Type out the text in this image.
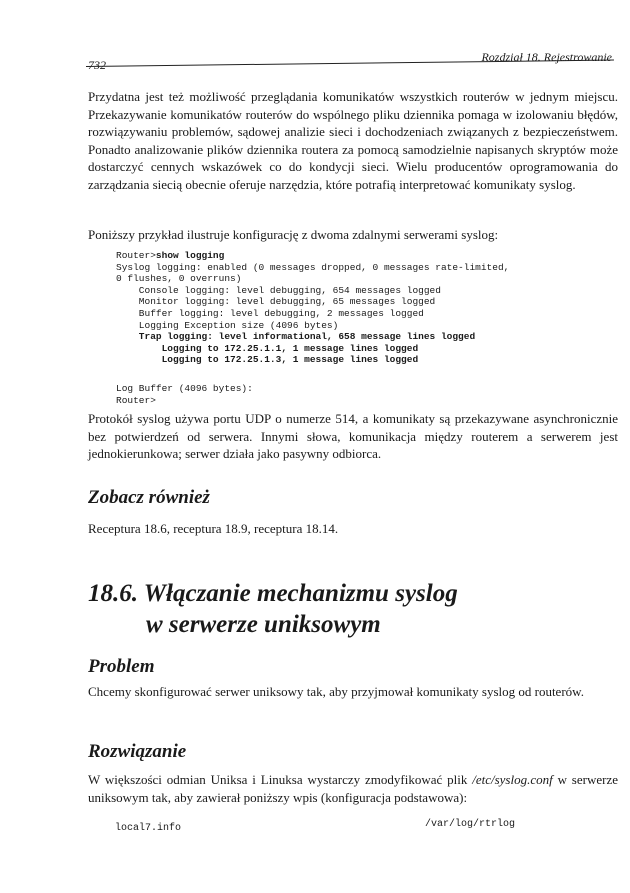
732
Rozdział 18. Rejestrowanie
Przydatna jest też możliwość przeglądania komunikatów wszystkich routerów w jednym miejscu. Przekazywanie komunikatów routerów do wspólnego pliku dziennika pomaga w izolowaniu błędów, rozwiązywaniu problemów, sądowej analizie sieci i dochodzeniach związanych z bezpieczeństwem. Ponadto analizowanie plików dziennika routera za pomocą samodzielnie napisanych skryptów może dostarczyć cennych wskazówek co do kondycji sieci. Wielu producentów oprogramowania do zarządzania siecią obecnie oferuje narzędzia, które potrafią interpretować komunikaty syslog.
Poniższy przykład ilustruje konfigurację z dwoma zdalnymi serwerami syslog:
Router>show logging
Syslog logging: enabled (0 messages dropped, 0 messages rate-limited,
0 flushes, 0 overruns)
Console logging: level debugging, 654 messages logged
Monitor logging: level debugging, 65 messages logged
Buffer logging: level debugging, 2 messages logged
Logging Exception size (4096 bytes)
Trap logging: level informational, 658 message lines logged
Logging to 172.25.1.1, 1 message lines logged
Logging to 172.25.1.3, 1 message lines logged
Log Buffer (4096 bytes):
Router>
Protokół syslog używa portu UDP o numerze 514, a komunikaty są przekazywane asynchronicznie bez potwierdzeń od serwera. Innymi słowa, komunikacja między routerem a serwerem jest jednokierunkowa; serwer działa jako pasywny odbiorca.
Zobacz również
Receptura 18.6, receptura 18.9, receptura 18.14.
18.6. Włączanie mechanizmu syslog
w serwerze uniksowym
Problem
Chcemy skonfigurować serwer uniksowy tak, aby przyjmował komunikaty syslog od routerów.
Rozwiązanie
W większości odmian Uniksa i Linuksa wystarczy zmodyfikować plik /etc/syslog.conf w serwerze uniksowym tak, aby zawierał poniższy wpis (konfiguracja podstawowa):
local7.info	/var/log/rtrlog
